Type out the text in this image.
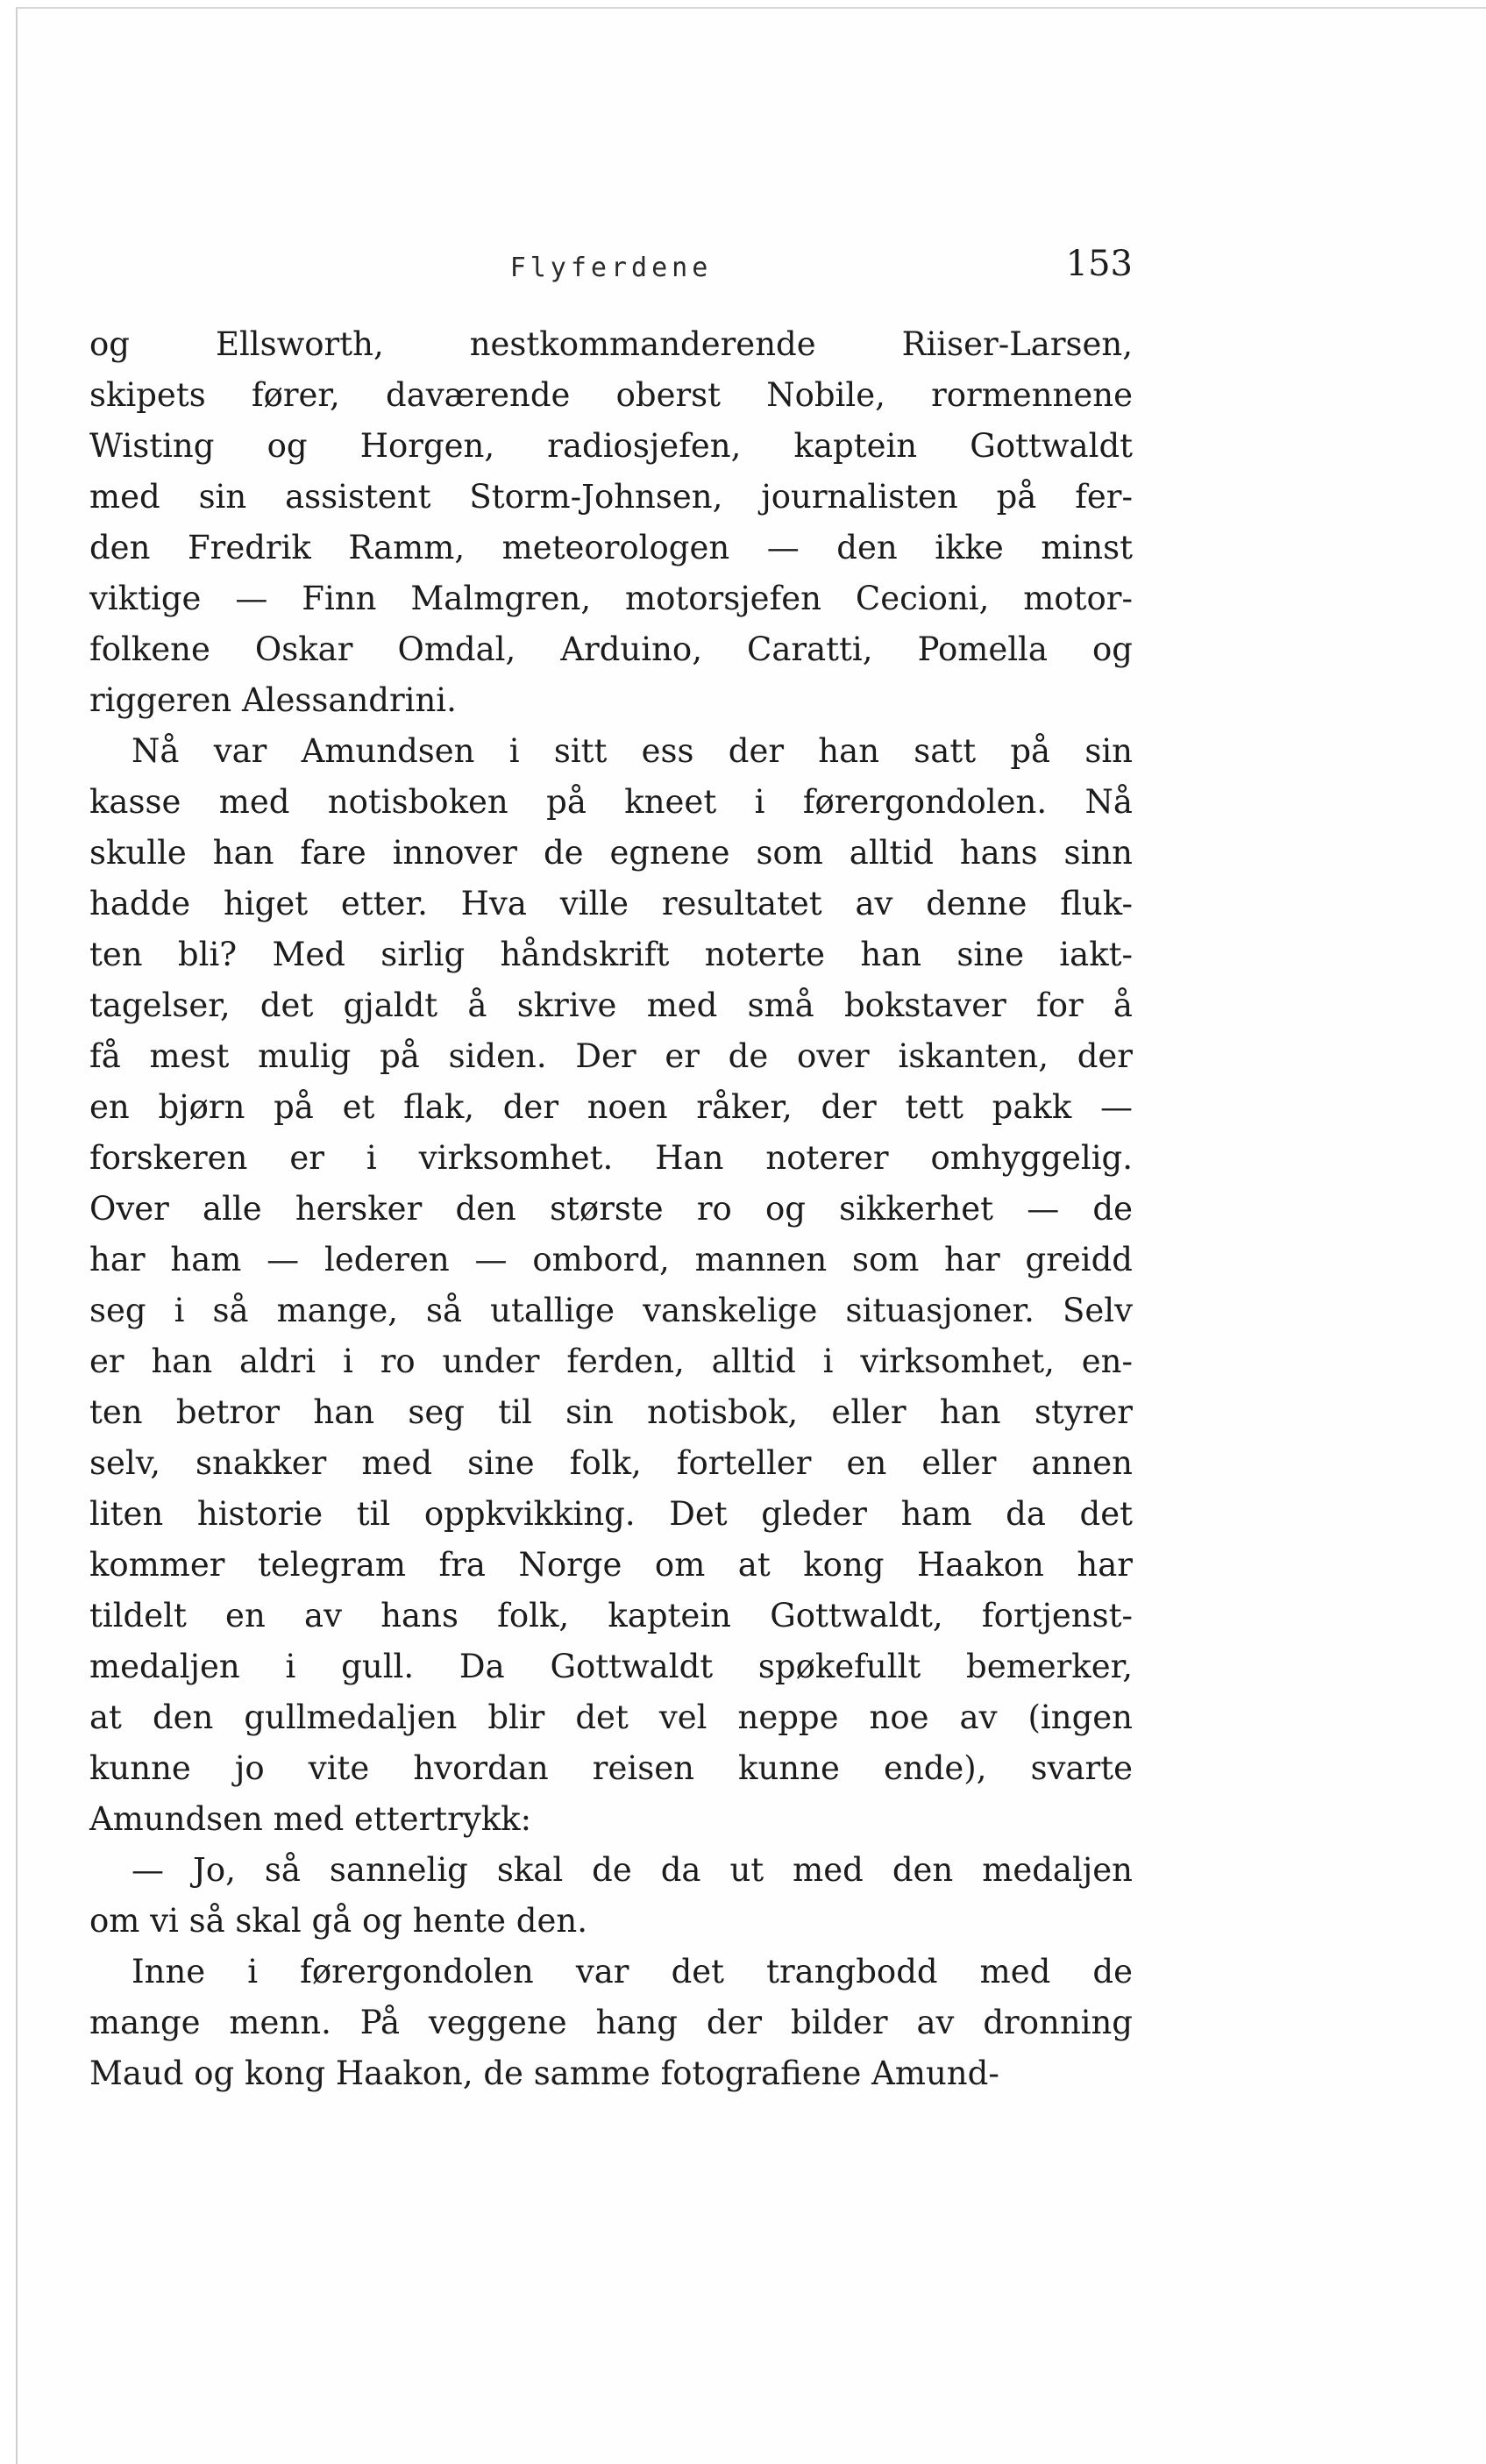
Flyferdene	153

og Ellsworth, nestkommanderende Riiser-Larsen,
skipets fører, daværende oberst Nobile, rormennene
Wisting og Horgen, radiosjefen, kaptein Gottwaldt
med sin assistent Storm-Johnsen, journalisten på fer-
den Fredrik Ramm, meteorologen — den ikke minst
viktige — Finn Malmgren, motorsjefen Cecioni, motor-
folkene Oskar Omdal, Arduino, Caratti, Pomella og
riggeren Alessandrini.

Nå var Amundsen i sitt ess der han satt på sin
kasse med notisboken på kneet i førergondolen. Nå
skulle han fare innover de egnene som alltid hans sinn
hadde higet etter. Hva ville resultatet av denne fluk-
ten bli? Med sirlig håndskrift noterte han sine iakt-
tagelser, det gjaldt å skrive med små bokstaver for å
få mest mulig på siden. Der er de over iskanten, der
en bjørn på et flak, der noen råker, der tett pakk —
forskeren er i virksomhet. Han noterer omhyggelig.
Over alle hersker den største ro og sikkerhet — de
har ham — lederen — ombord, mannen som har greidd
seg i så mange, så utallige vanskelige situasjoner. Selv
er han aldri i ro under ferden, alltid i virksomhet, en-
ten betror han seg til sin notisbok, eller han styrer
selv, snakker med sine folk, forteller en eller annen
liten historie til oppkvikking. Det gleder ham da det
kommer telegram fra Norge om at kong Haakon har
tildelt en av hans folk, kaptein Gottwaldt, fortjenst-
medaljen i gull. Da Gottwaldt spøkefullt bemerker,
at den gullmedaljen blir det vel neppe noe av (ingen
kunne jo vite hvordan reisen kunne ende), svarte
Amundsen med ettertrykk:

— Jo, så sannelig skal de da ut med den medaljen
om vi så skal gå og hente den.

Inne i førergondolen var det trangbodd med de
mange menn. På veggene hang der bilder av dronning
Maud og kong Haakon, de samme fotografiene Amund-
